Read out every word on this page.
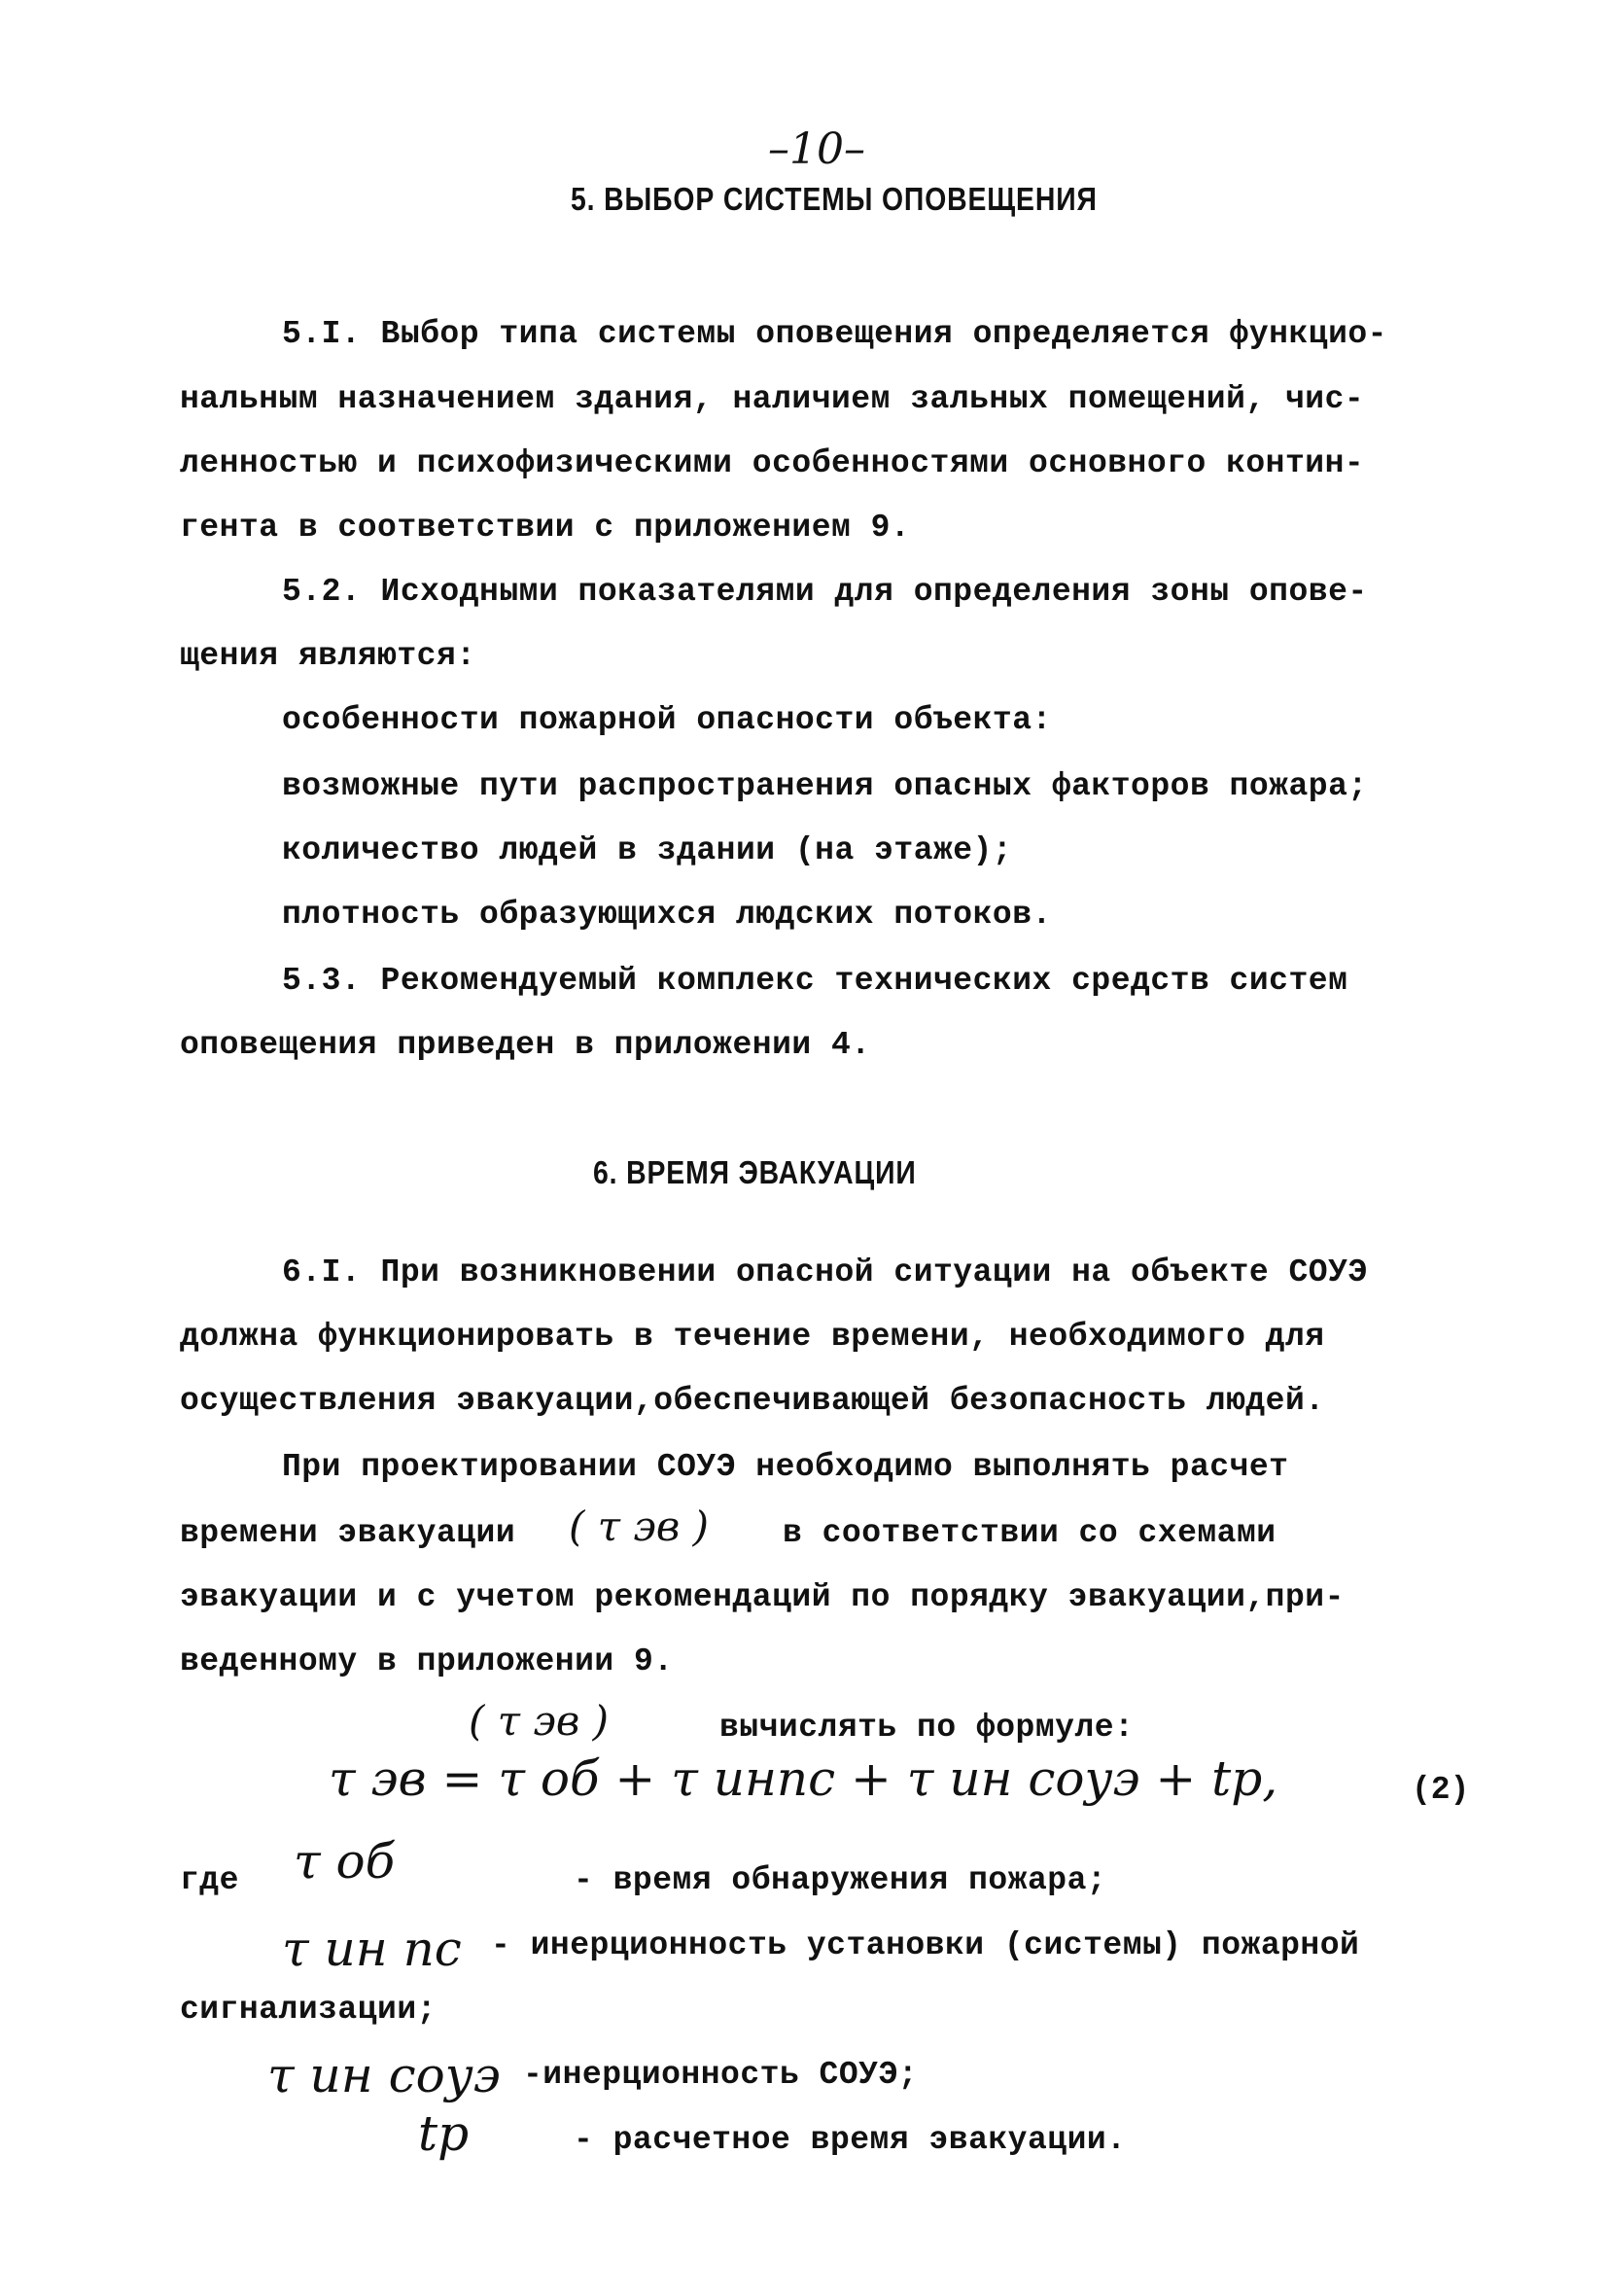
–10–
5. ВЫБОР СИСТЕМЫ ОПОВЕЩЕНИЯ
5.I. Выбор типа системы оповещения определяется функцио-
нальным назначением здания, наличием зальных помещений, чис-
ленностью и психофизическими особенностями основного контин-
гента в соответствии с приложением 9.
5.2. Исходными показателями для определения зоны опове-
щения являются:
особенности пожарной опасности объекта:
возможные пути распространения опасных факторов пожара;
количество людей в здании (на этаже);
плотность образующихся людских потоков.
5.3. Рекомендуемый комплекс технических средств систем
оповещения приведен в приложении 4.
6. ВРЕМЯ ЭВАКУАЦИИ
6.I. При возникновении опасной ситуации на объекте СОУЭ
должна функционировать в течение времени, необходимого для
осуществления эвакуации,обеспечивающей безопасность людей.
При проектировании СОУЭ необходимо выполнять расчет
времени эвакуации ( τ эв ) в соответствии со схемами
эвакуации и с учетом рекомендаций по порядку эвакуации,при-
веденному в приложении 9.
( τ эв )	вычислять по формуле:
τ эв = τ об + τ инпс + τ ин соуэ + tр,	(2)
где τ об	- время обнаружения пожара;
τ ин пс - инерционность установки (системы) пожарной
сигнализации;
τ ин соуэ -инерционность СОУЭ;
tр	- расчетное время эвакуации.
